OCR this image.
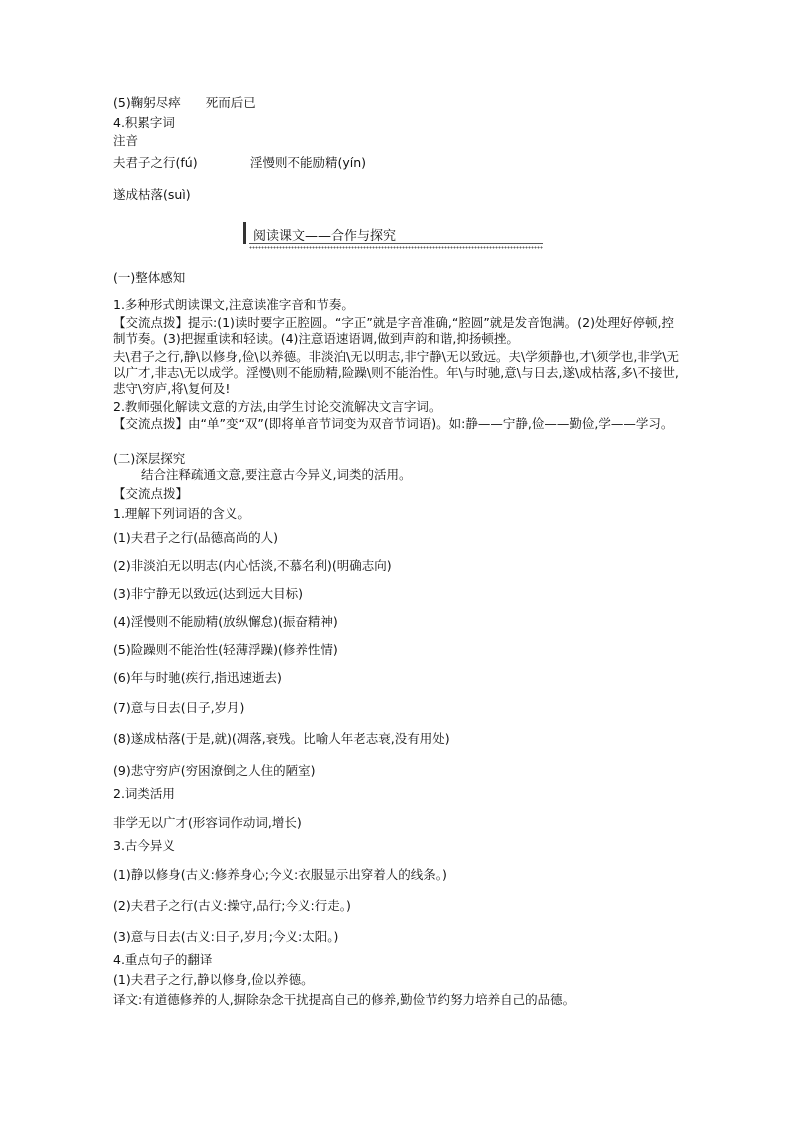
(5)鞠躬尽瘁　　死而后已
4.积累字词
注音
夫君子之行(fú)	淫慢则不能励精(yín)
遂成枯落(suì)
阅读课文——合作与探究
(一)整体感知
1.多种形式朗读课文,注意读准字音和节奏。
【交流点拨】提示:(1)读时要字正腔圆。“字正”就是字音准确,“腔圆”就是发音饱满。(2)处理好停顿,控制节奏。(3)把握重读和轻读。(4)注意语速语调,做到声韵和谐,抑扬顿挫。
夫\君子之行,静\以修身,俭\以养德。非淡泊\无以明志,非宁静\无以致远。夫\学须静也,才\须学也,非学\无以广才,非志\无以成学。淫慢\则不能励精,险躁\则不能治性。年\与时驰,意\与日去,遂\成枯落,多\不接世,悲守\穷庐,将\复何及!
2.教师强化解读文意的方法,由学生讨论交流解决文言字词。
【交流点拨】由“单”变“双”(即将单音节词变为双音节词语)。如:静——宁静,俭——勤俭,学——学习。
(二)深层探究
结合注释疏通文意,要注意古今异义,词类的活用。
【交流点拨】
1.理解下列词语的含义。
(1)夫君子之行(品德高尚的人)
(2)非淡泊无以明志(内心恬淡,不慕名利)(明确志向)
(3)非宁静无以致远(达到远大目标)
(4)淫慢则不能励精(放纵懈怠)(振奋精神)
(5)险躁则不能治性(轻薄浮躁)(修养性情)
(6)年与时驰(疾行,指迅速逝去)
(7)意与日去(日子,岁月)
(8)遂成枯落(于是,就)(凋落,衰残。比喻人年老志衰,没有用处)
(9)悲守穷庐(穷困潦倒之人住的陋室)
2.词类活用
非学无以广才(形容词作动词,增长)
3.古今异义
(1)静以修身(古义:修养身心;今义:衣服显示出穿着人的线条。)
(2)夫君子之行(古义:操守,品行;今义:行走。)
(3)意与日去(古义:日子,岁月;今义:太阳。)
4.重点句子的翻译
(1)夫君子之行,静以修身,俭以养德。
译文:有道德修养的人,摒除杂念干扰提高自己的修养,勤俭节约努力培养自己的品德。
